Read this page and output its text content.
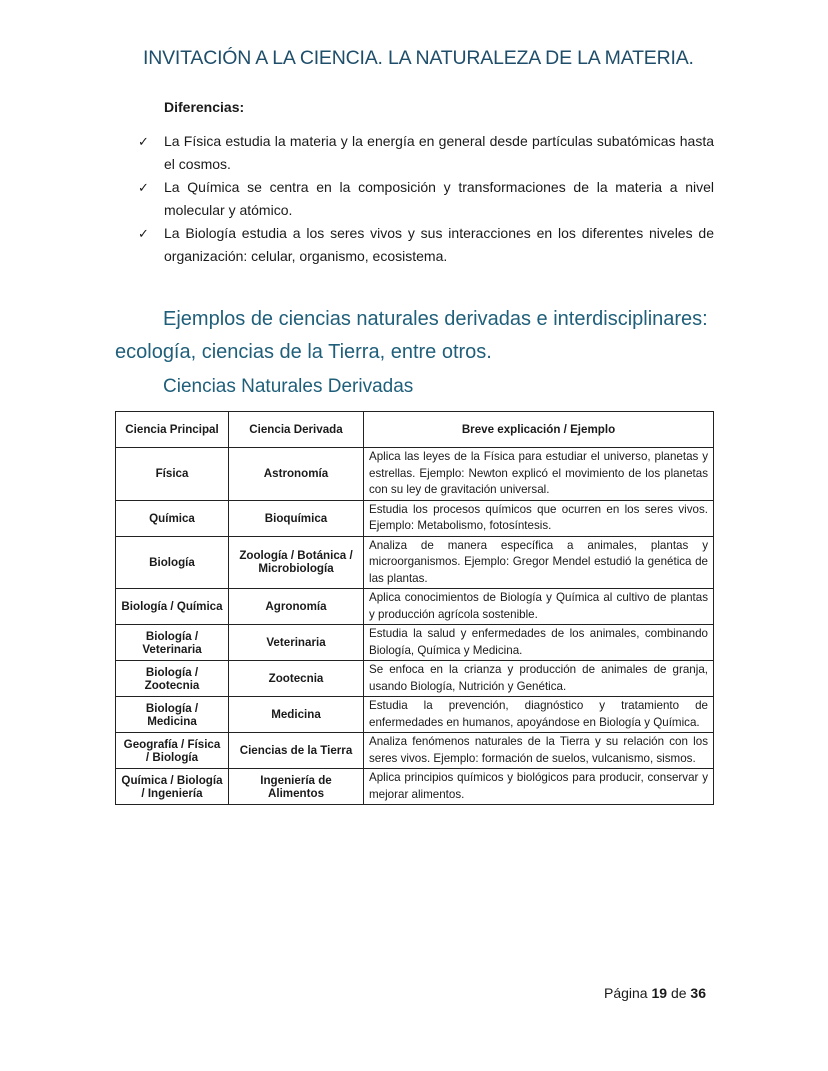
INVITACIÓN A LA CIENCIA. LA NATURALEZA DE LA MATERIA.
Diferencias:
✓ La Física estudia la materia y la energía en general desde partículas subatómicas hasta el cosmos.
✓ La Química se centra en la composición y transformaciones de la materia a nivel molecular y atómico.
✓ La Biología estudia a los seres vivos y sus interacciones en los diferentes niveles de organización: celular, organismo, ecosistema.
Ejemplos de ciencias naturales derivadas e interdisciplinares: ecología, ciencias de la Tierra, entre otros.
Ciencias Naturales Derivadas
Ciencia Principal	Ciencia Derivada	Breve explicación / Ejemplo
Física	Astronomía	Aplica las leyes de la Física para estudiar el universo, planetas y estrellas. Ejemplo: Newton explicó el movimiento de los planetas con su ley de gravitación universal.
Química	Bioquímica	Estudia los procesos químicos que ocurren en los seres vivos. Ejemplo: Metabolismo, fotosíntesis.
Biología	Zoología / Botánica / Microbiología	Analiza de manera específica a animales, plantas y microorganismos. Ejemplo: Gregor Mendel estudió la genética de las plantas.
Biología / Química	Agronomía	Aplica conocimientos de Biología y Química al cultivo de plantas y producción agrícola sostenible.
Biología / Veterinaria	Veterinaria	Estudia la salud y enfermedades de los animales, combinando Biología, Química y Medicina.
Biología / Zootecnia	Zootecnia	Se enfoca en la crianza y producción de animales de granja, usando Biología, Nutrición y Genética.
Biología / Medicina	Medicina	Estudia la prevención, diagnóstico y tratamiento de enfermedades en humanos, apoyándose en Biología y Química.
Geografía / Física / Biología	Ciencias de la Tierra	Analiza fenómenos naturales de la Tierra y su relación con los seres vivos. Ejemplo: formación de suelos, vulcanismo, sismos.
Química / Biología / Ingeniería	Ingeniería de Alimentos	Aplica principios químicos y biológicos para producir, conservar y mejorar alimentos.
Página 19 de 36
